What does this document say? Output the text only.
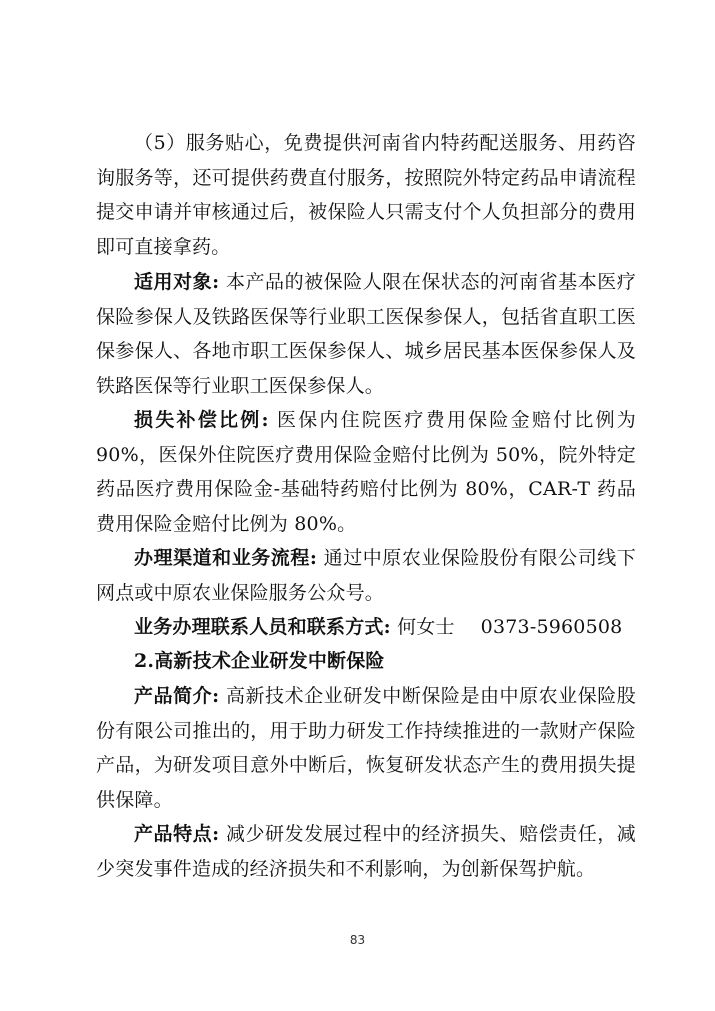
（5）服务贴心，免费提供河南省内特药配送服务、用药咨询服务等，还可提供药费直付服务，按照院外特定药品申请流程提交申请并审核通过后，被保险人只需支付个人负担部分的费用即可直接拿药。

适用对象: 本产品的被保险人限在保状态的河南省基本医疗保险参保人及铁路医保等行业职工医保参保人，包括省直职工医保参保人、各地市职工医保参保人、城乡居民基本医保参保人及铁路医保等行业职工医保参保人。

损失补偿比例: 医保内住院医疗费用保险金赔付比例为 90%，医保外住院医疗费用保险金赔付比例为 50%，院外特定药品医疗费用保险金-基础特药赔付比例为 80%，CAR-T 药品费用保险金赔付比例为 80%。

办理渠道和业务流程: 通过中原农业保险股份有限公司线下网点或中原农业保险服务公众号。

业务办理联系人员和联系方式: 何女士 0373-5960508

2.高新技术企业研发中断保险

产品简介: 高新技术企业研发中断保险是由中原农业保险股份有限公司推出的，用于助力研发工作持续推进的一款财产保险产品，为研发项目意外中断后，恢复研发状态产生的费用损失提供保障。

产品特点: 减少研发发展过程中的经济损失、赔偿责任，减少突发事件造成的经济损失和不利影响，为创新保驾护航。

83
